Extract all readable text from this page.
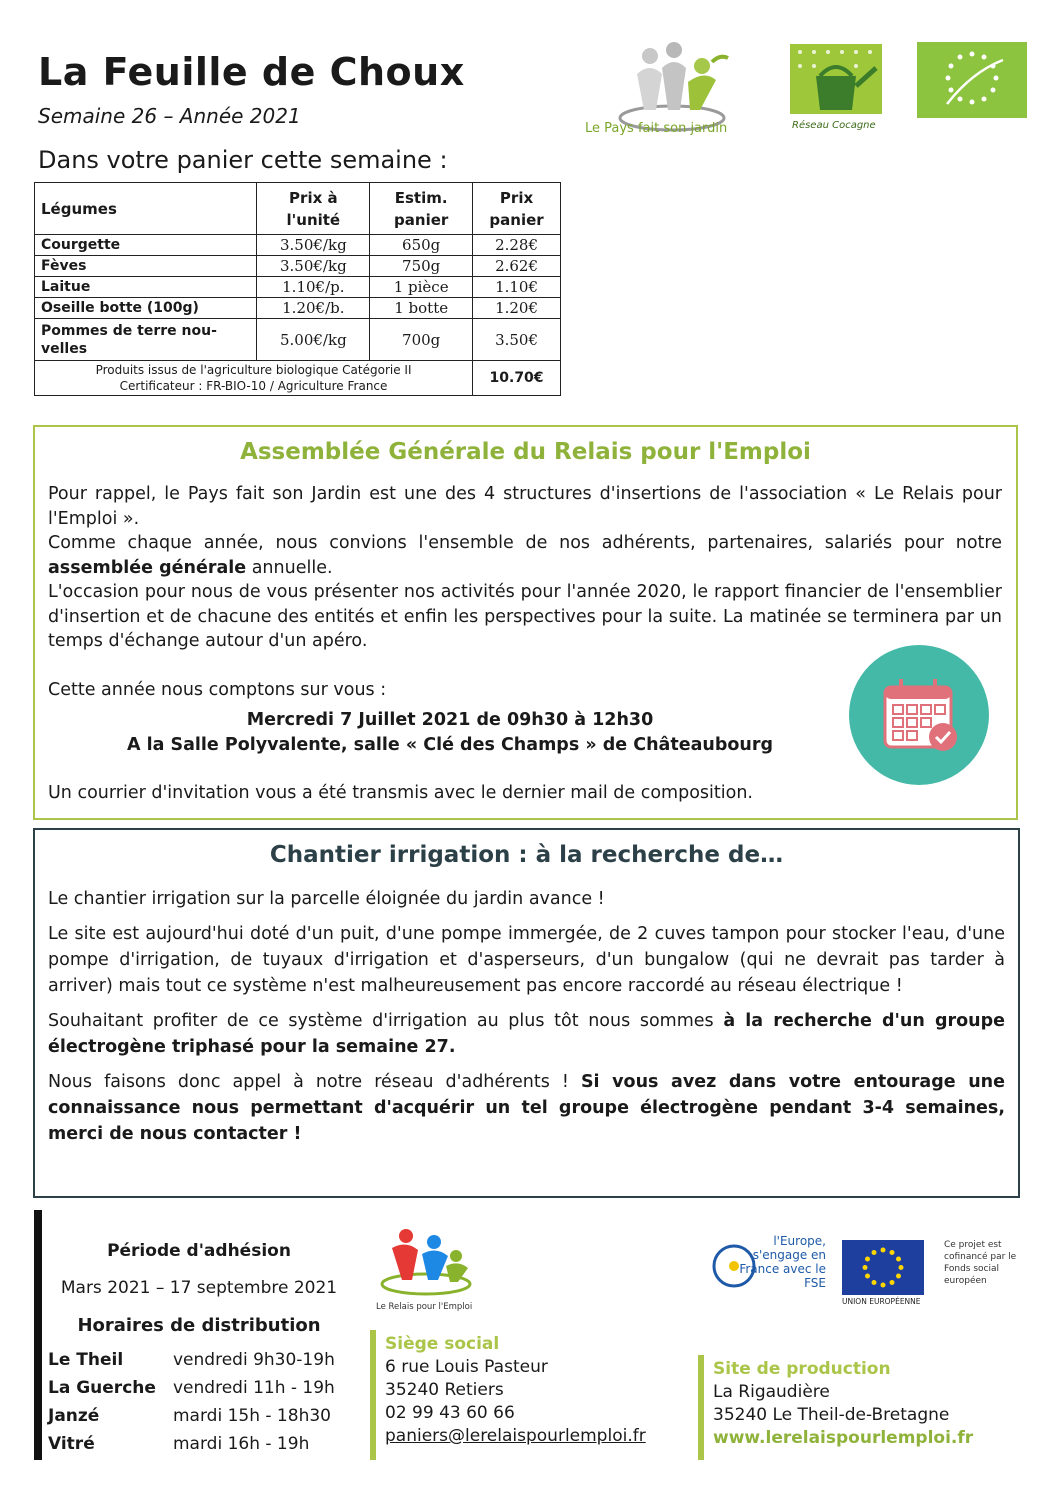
La Feuille de Choux
Semaine 26 – Année 2021
Dans votre panier cette semaine :
Le Pays fait son jardin	Réseau Cocagne
Légumes	Prix à l'unité	Estim. panier	Prix panier
Courgette	3.50€/kg	650g	2.28€
Fèves	3.50€/kg	750g	2.62€
Laitue	1.10€/p.	1 pièce	1.10€
Oseille botte (100g)	1.20€/b.	1 botte	1.20€
Pommes de terre nou-velles	5.00€/kg	700g	3.50€

Produits issus de l'agriculture biologique Catégorie II
Certificateur : FR-BIO-10 / Agriculture France			10.70€
Assemblée Générale du Relais pour l'Emploi

Pour rappel, le Pays fait son Jardin est une des 4 structures d'insertions de l'association « Le Relais pour l'Emploi ».

Comme chaque année, nous convions l'ensemble de nos adhérents, partenaires, salariés pour notre assemblée générale annuelle.

L'occasion pour nous de vous présenter nos activités pour l'année 2020, le rapport financier de l'ensemblier d'insertion et de chacune des entités et enfin les perspectives pour la suite. La matinée se terminera par un temps d'échange autour d'un apéro.

Cette année nous comptons sur vous :

Mercredi 7 Juillet 2021 de 09h30 à 12h30

A la Salle Polyvalente, salle « Clé des Champs » de Châteaubourg

Un courrier d'invitation vous a été transmis avec le dernier mail de composition.

Chantier irrigation : à la recherche de…

Le chantier irrigation sur la parcelle éloignée du jardin avance !

Le site est aujourd'hui doté d'un puit, d'une pompe immergée, de 2 cuves tampon pour stocker l'eau, d'une pompe d'irrigation, de tuyaux d'irrigation et d'asperseurs, d'un bungalow (qui ne devrait pas tarder à arriver) mais tout ce système n'est malheureusement pas encore raccordé au réseau électrique !

Souhaitant profiter de ce système d'irrigation au plus tôt nous sommes à la recherche d'un groupe électrogène triphasé pour la semaine 27.

Nous faisons donc appel à notre réseau d'adhérents ! Si vous avez dans votre entourage une connaissance nous permettant d'acquérir un tel groupe électrogène pendant 3-4 semaines, merci de nous contacter !

Période d'adhésion
Mars 2021 – 17 septembre 2021
Horaires de distribution
Le Theil	vendredi 9h30-19h
La Guerche vendredi 11h - 19h
Janzé	mardi 15h - 18h30
Vitré	mardi 16h - 19h
Le Relais pour l'Emploi
Siège social
6 rue Louis Pasteur
35240 Retiers
02 99 43 60 66
paniers@lerelaispourlemploi.fr
l'Europe, s'engage en France avec le FSE
UNION EUROPÉENNE
Ce projet est cofinancé par le Fonds social européen
Site de production
La Rigaudière
35240 Le Theil-de-Bretagne
www.lerelaispourlemploi.fr
